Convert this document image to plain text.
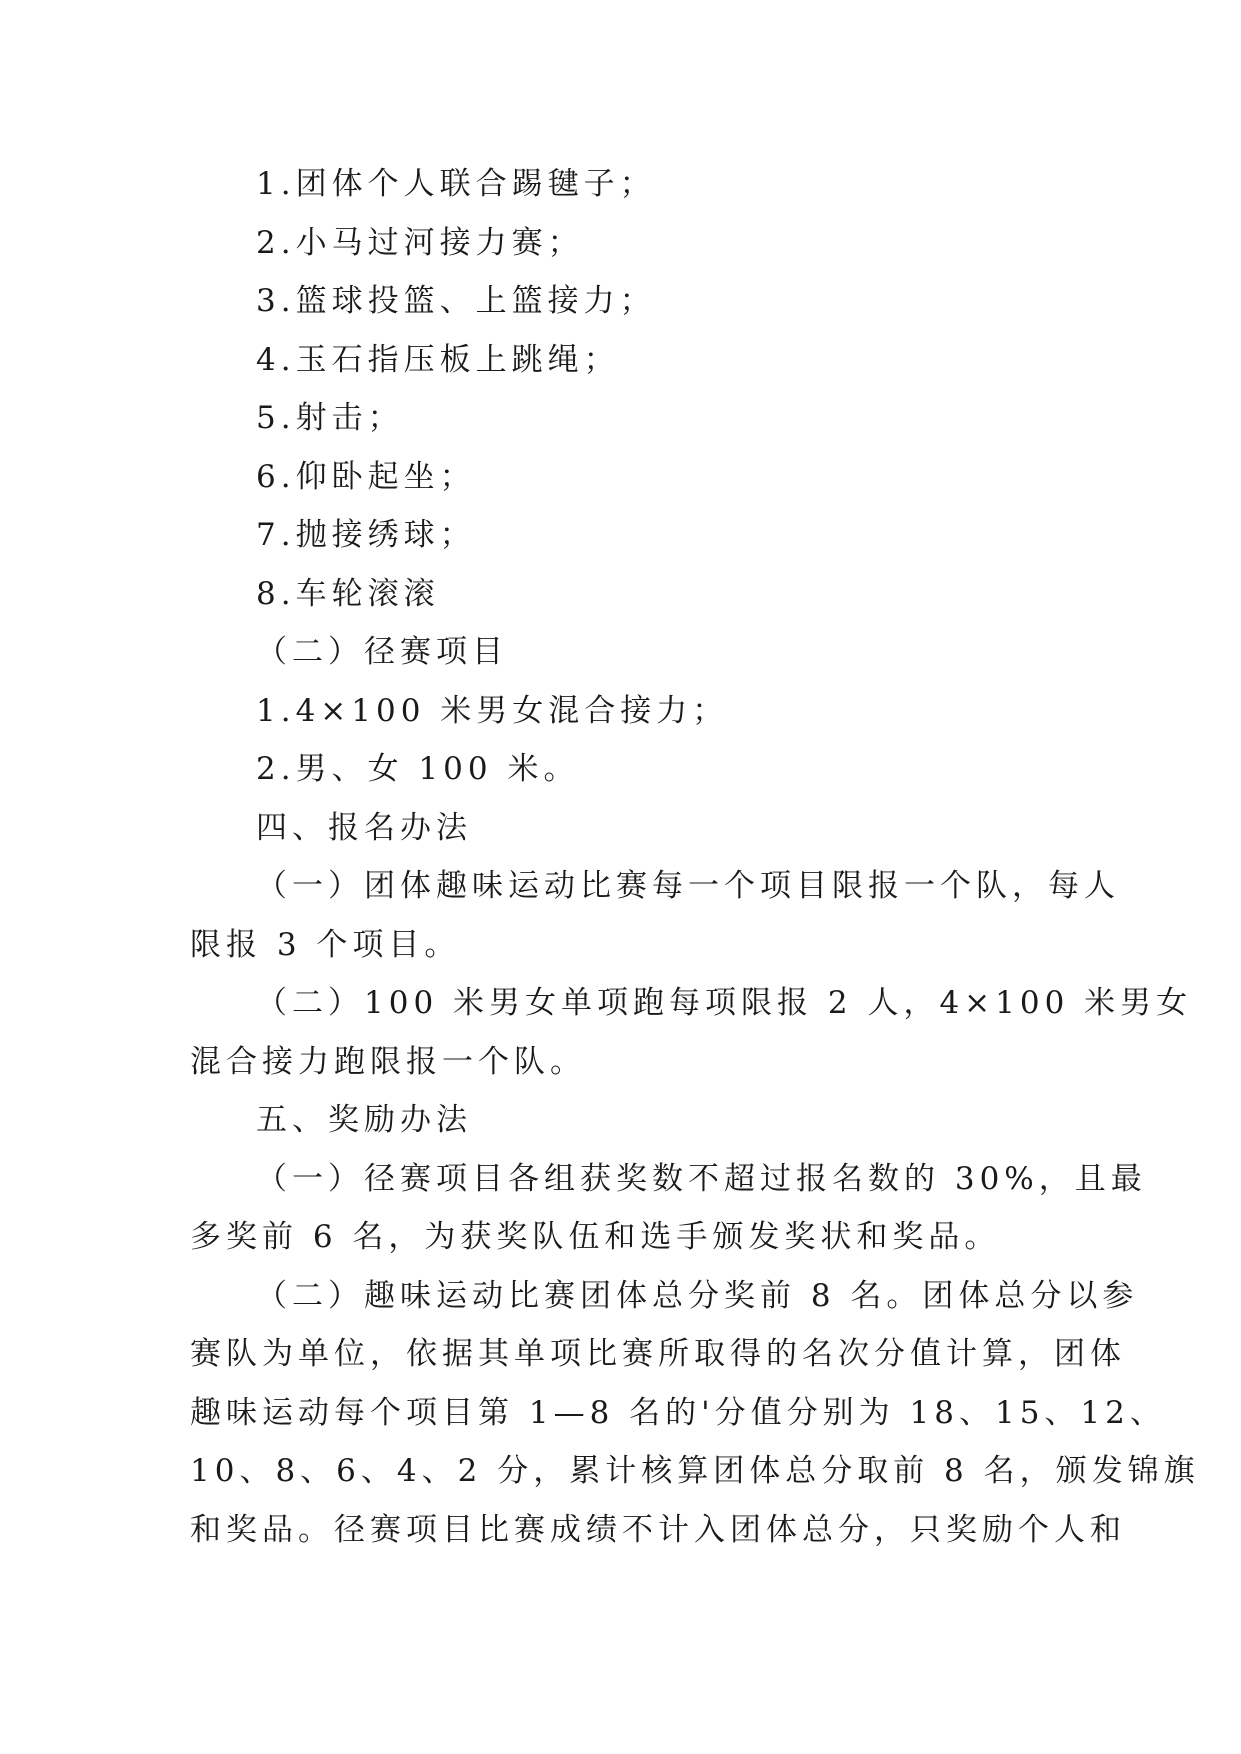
1.团体个人联合踢毽子；

2.小马过河接力赛；

3.篮球投篮、上篮接力；

4.玉石指压板上跳绳；

5.射击；

6.仰卧起坐；

7.抛接绣球；

8.车轮滚滚

（二）径赛项目

1.4×100 米男女混合接力；

2.男、女 100 米。

四、报名办法

（一）团体趣味运动比赛每一个项目限报一个队，每人

限报 3 个项目。

（二）100 米男女单项跑每项限报 2 人，4×100 米男女

混合接力跑限报一个队。

五、奖励办法

（一）径赛项目各组获奖数不超过报名数的 30%，且最

多奖前 6 名，为获奖队伍和选手颁发奖状和奖品。

（二）趣味运动比赛团体总分奖前 8 名。团体总分以参

赛队为单位，依据其单项比赛所取得的名次分值计算，团体

趣味运动每个项目第 1—8 名的'分值分别为 18、15、12、

10、8、6、4、2 分，累计核算团体总分取前 8 名，颁发锦旗

和奖品。径赛项目比赛成绩不计入团体总分，只奖励个人和
